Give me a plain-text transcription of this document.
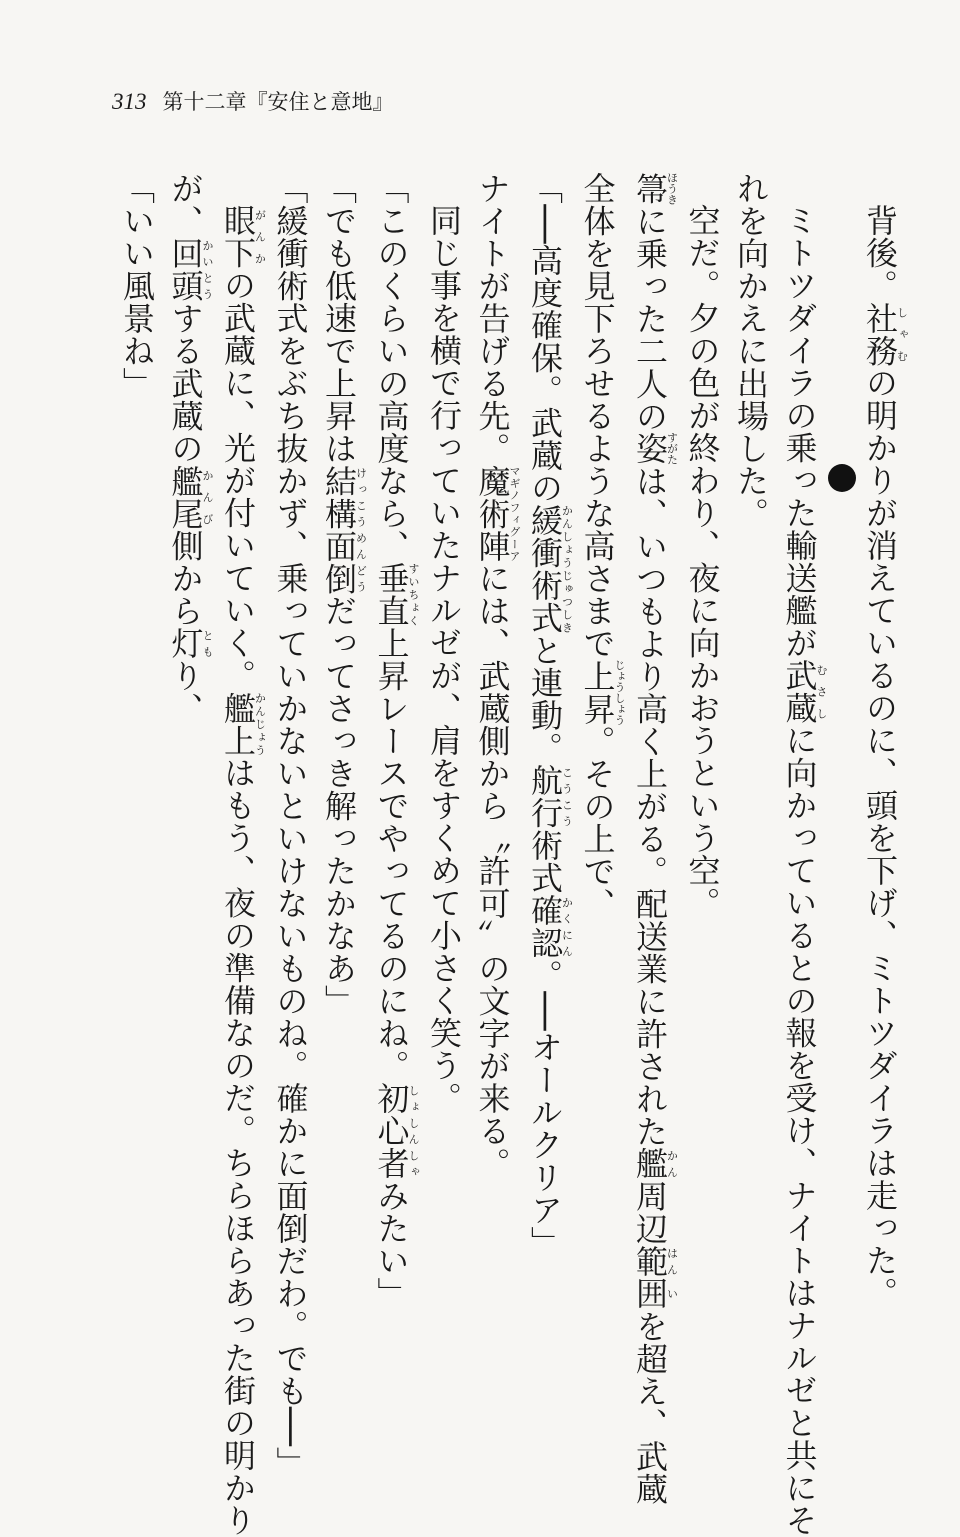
313 第十二章『安住と意地』
背後。社務しゃむの明かりが消えているのに、頭を下げ、ミトツダイラは走った。
ミトツダイラの乗った輸送艦が武蔵むさしに向かっているとの報を受け、ナイトはナルゼと共にそ
れを向かえに出場した。
空だ。夕の色が終わり、夜に向かおうという空。
箒ほうきに乗った二人の姿すがたは、いつもより高く上がる。配送業に許された艦かん周辺範はん囲いを超え、武蔵
全体を見下ろせるような高さまで上昇じょうしょう。その上で、
「──高度確保。武蔵の緩衝術式かんしょうじゅつしきと連動。航行こうこう術式確認かくにん。──オールクリア」
ナイトが告げる先。魔術陣マギノフィグーアには、武蔵側から〝許可〟の文字が来る。
同じ事を横で行っていたナルゼが、肩をすくめて小さく笑う。
「このくらいの高度なら、垂直すいちょく上昇レースでやってるのにね。初心者しょしんしゃみたい」
「でも低速で上昇は結構面倒けっこうめんどうだってさっき解ったかなあ」
「緩衝術式をぶち抜かず、乗っていかないといけないものね。確かに面倒だわ。でも──」
眼下がんかの武蔵に、光が付いていく。艦上かんじょうはもう、夜の準備なのだ。ちらほらあった街の明かり
が、回頭かいとうする武蔵の艦尾かんび側から灯ともり、
「いい風景ね」
